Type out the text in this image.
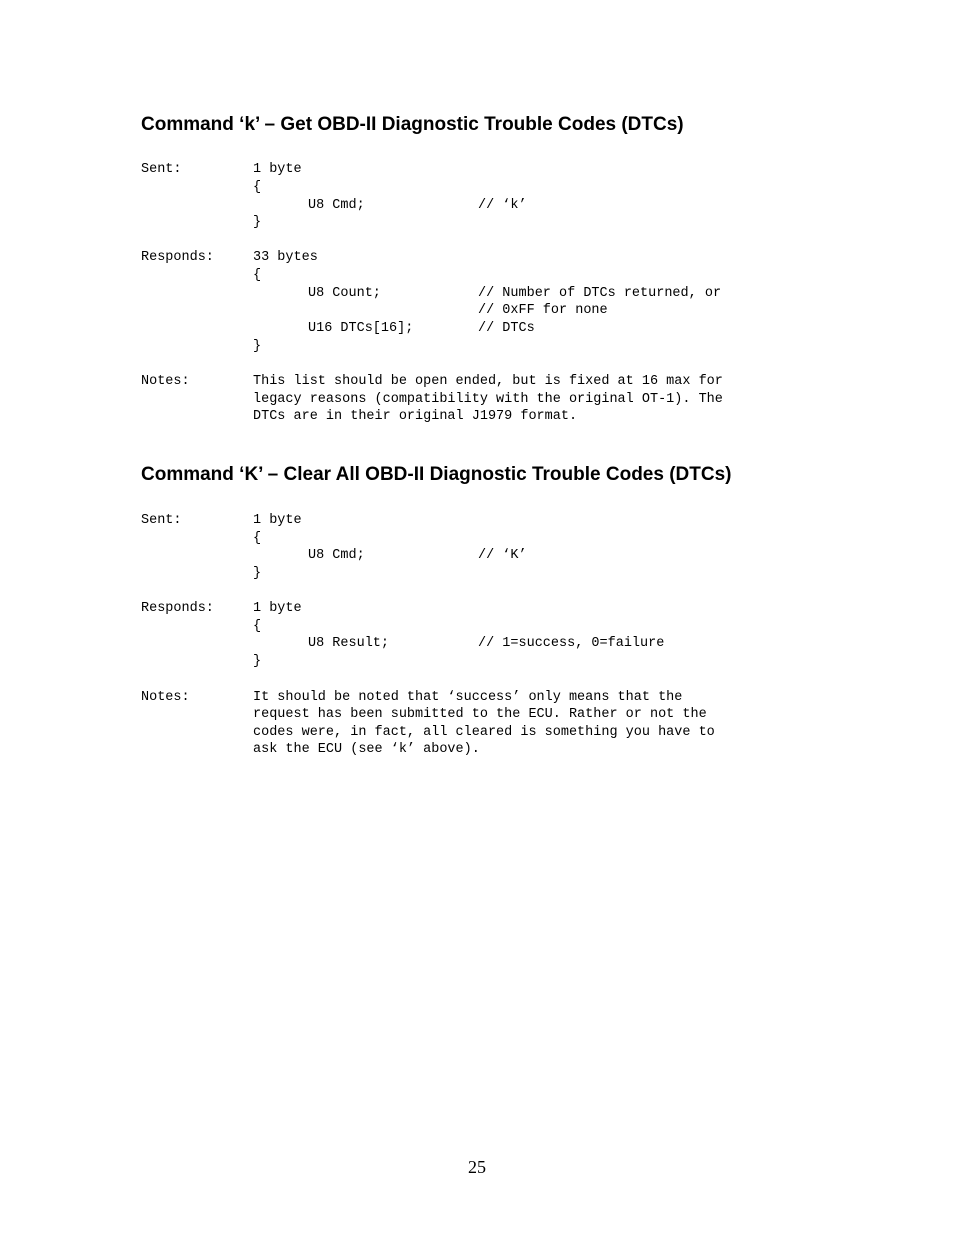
Command ‘k’ – Get OBD-II Diagnostic Trouble Codes (DTCs)
Sent:	1 byte
{
U8 Cmd;	// ‘k’
}
Responds:	33 bytes
{
U8 Count;	// Number of DTCs returned, or
// 0xFF for none
U16 DTCs[16];	// DTCs
}
Notes:	This list should be open ended, but is fixed at 16 max for
legacy reasons (compatibility with the original OT-1). The
DTCs are in their original J1979 format.
Command ‘K’ – Clear All OBD-II Diagnostic Trouble Codes (DTCs)
Sent:	1 byte
{
U8 Cmd;	// ‘K’
}
Responds:	1 byte
{
U8 Result;	// 1=success, 0=failure
}
Notes:	It should be noted that ‘success’ only means that the
request has been submitted to the ECU. Rather or not the
codes were, in fact, all cleared is something you have to
ask the ECU (see ‘k’ above).
25
